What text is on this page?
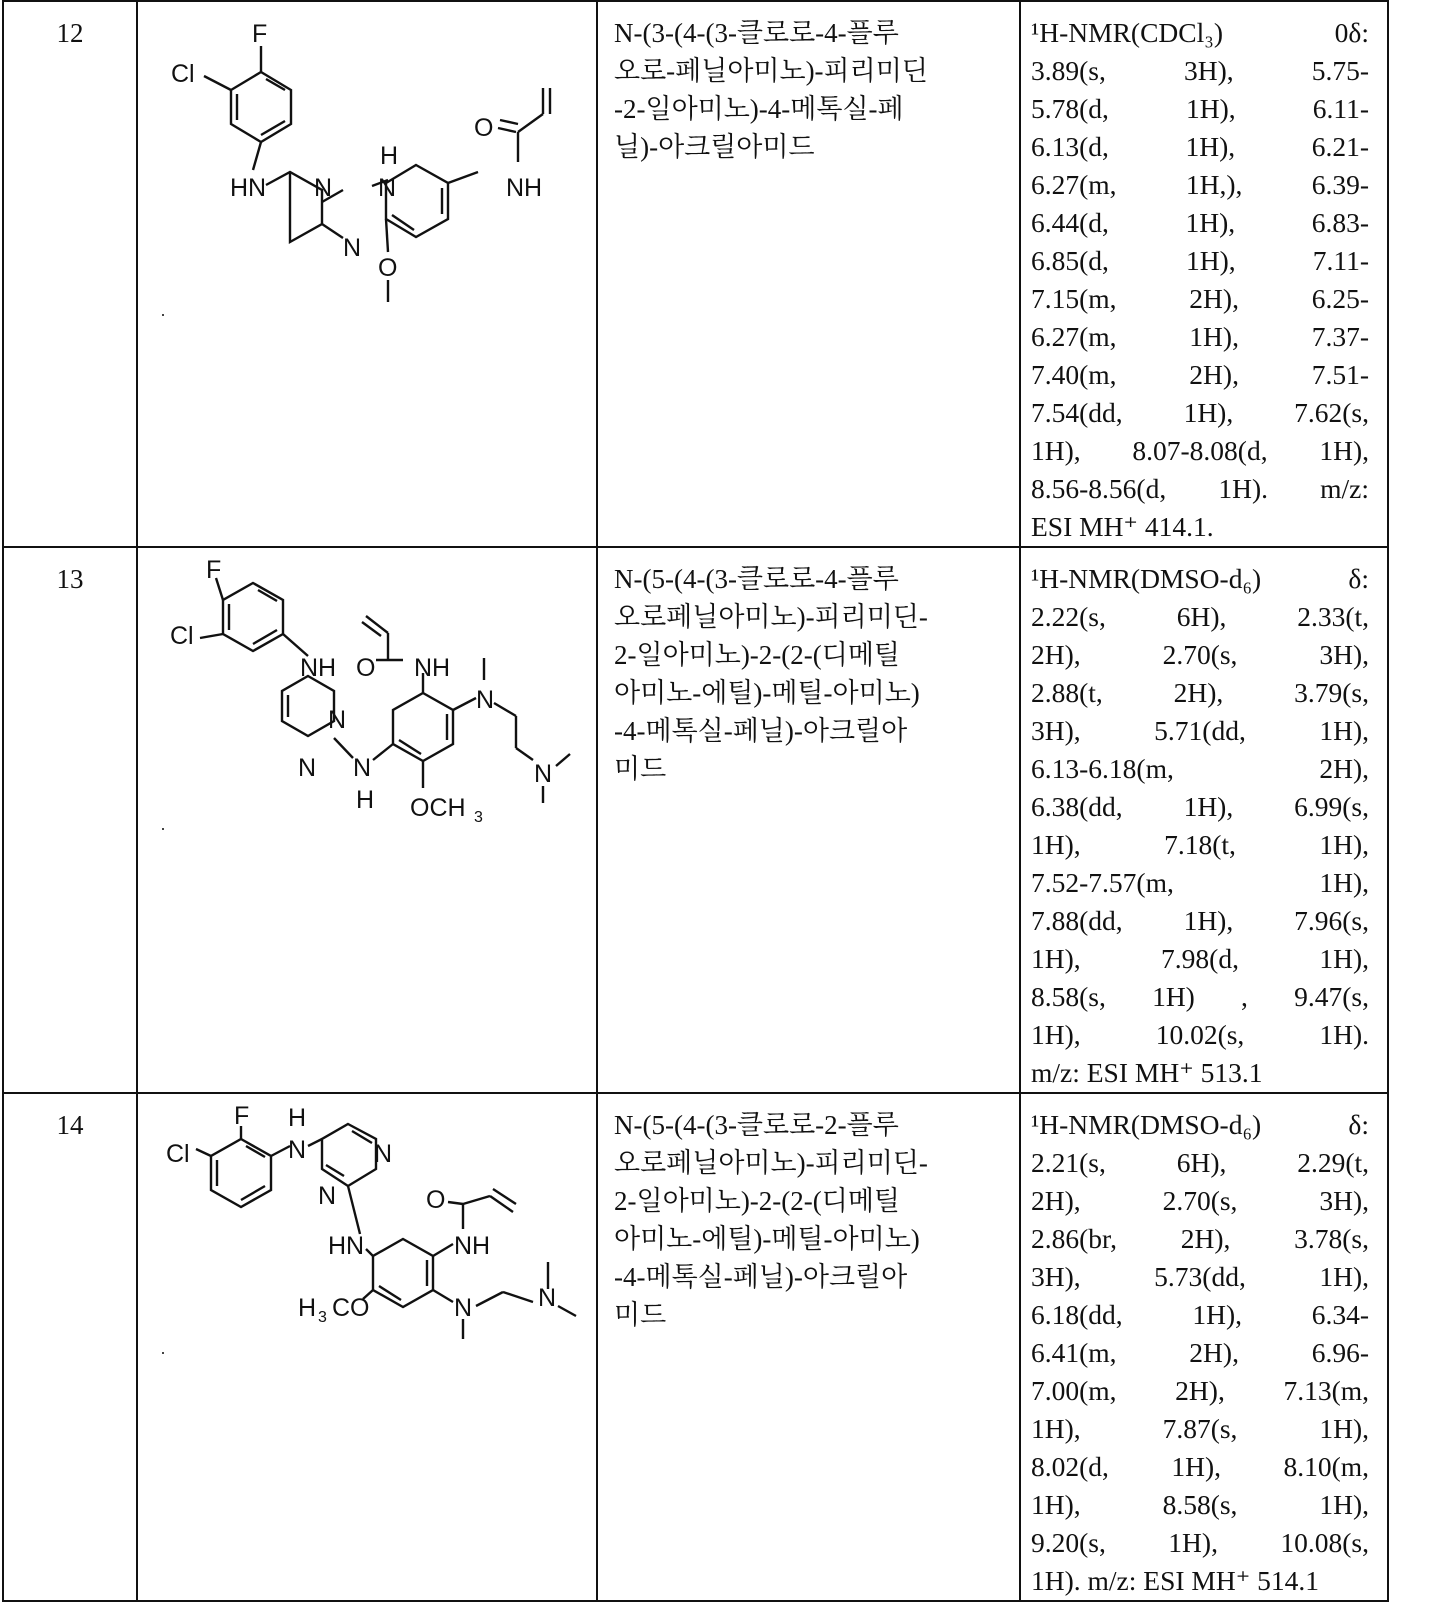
12	F
Cl
HN N
N
H
N
O
NH
O

N-(3-(4-(3-클로로-4-플루
오로-페닐아미노)-피리미딘
-2-일아미노)-4-메톡실-페
닐)-아크릴아미드

¹H-NMR(CDCl₃) 0δ:
3.89(s, 3H), 5.75-
5.78(d, 1H), 6.11-
6.13(d, 1H), 6.21-
6.27(m, 1H,), 6.39-
6.44(d, 1H), 6.83-
6.85(d, 1H), 7.11-
7.15(m, 2H), 6.25-
6.27(m, 1H), 7.37-
7.40(m, 2H), 7.51-
7.54(dd, 1H), 7.62(s,
1H), 8.07-8.08(d, 1H),
8.56-8.56(d, 1H). m/z:
ESI MH⁺ 414.1.

13	F
Cl
NH O NH
N
N N
H OCH 3
N
N

N-(5-(4-(3-클로로-4-플루
오로페닐아미노)-피리미딘-
2-일아미노)-2-(2-(디메틸
아미노-에틸)-메틸-아미노)
-4-메톡실-페닐)-아크릴아
미드

¹H-NMR(DMSO-d₆) δ:
2.22(s, 6H), 2.33(t,
2H), 2.70(s, 3H),
2.88(t, 2H), 3.79(s,
3H), 5.71(dd, 1H),
6.13-6.18(m, 2H),
6.38(dd, 1H), 6.99(s,
1H), 7.18(t, 1H),
7.52-7.57(m, 1H),
7.88(dd, 1H), 7.96(s,
1H), 7.98(d, 1H),
8.58(s, 1H) , 9.47(s,
1H), 10.02(s, 1H).
m/z: ESI MH⁺ 513.1

14	
Cl
F H
N	N
N	O
HN	NH
H 3 CO	N	N

N-(5-(4-(3-클로로-2-플루
오로페닐아미노)-피리미딘-
2-일아미노)-2-(2-(디메틸
아미노-에틸)-메틸-아미노)
-4-메톡실-페닐)-아크릴아
미드

¹H-NMR(DMSO-d₆) δ:
2.21(s, 6H), 2.29(t,
2H), 2.70(s, 3H),
2.86(br, 2H), 3.78(s,
3H), 5.73(dd, 1H),
6.18(dd, 1H), 6.34-
6.41(m, 2H), 6.96-
7.00(m, 2H), 7.13(m,
1H), 7.87(s, 1H),
8.02(d, 1H), 8.10(m,
1H), 8.58(s, 1H),
9.20(s, 1H), 10.08(s,
1H). m/z: ESI MH⁺ 514.1
